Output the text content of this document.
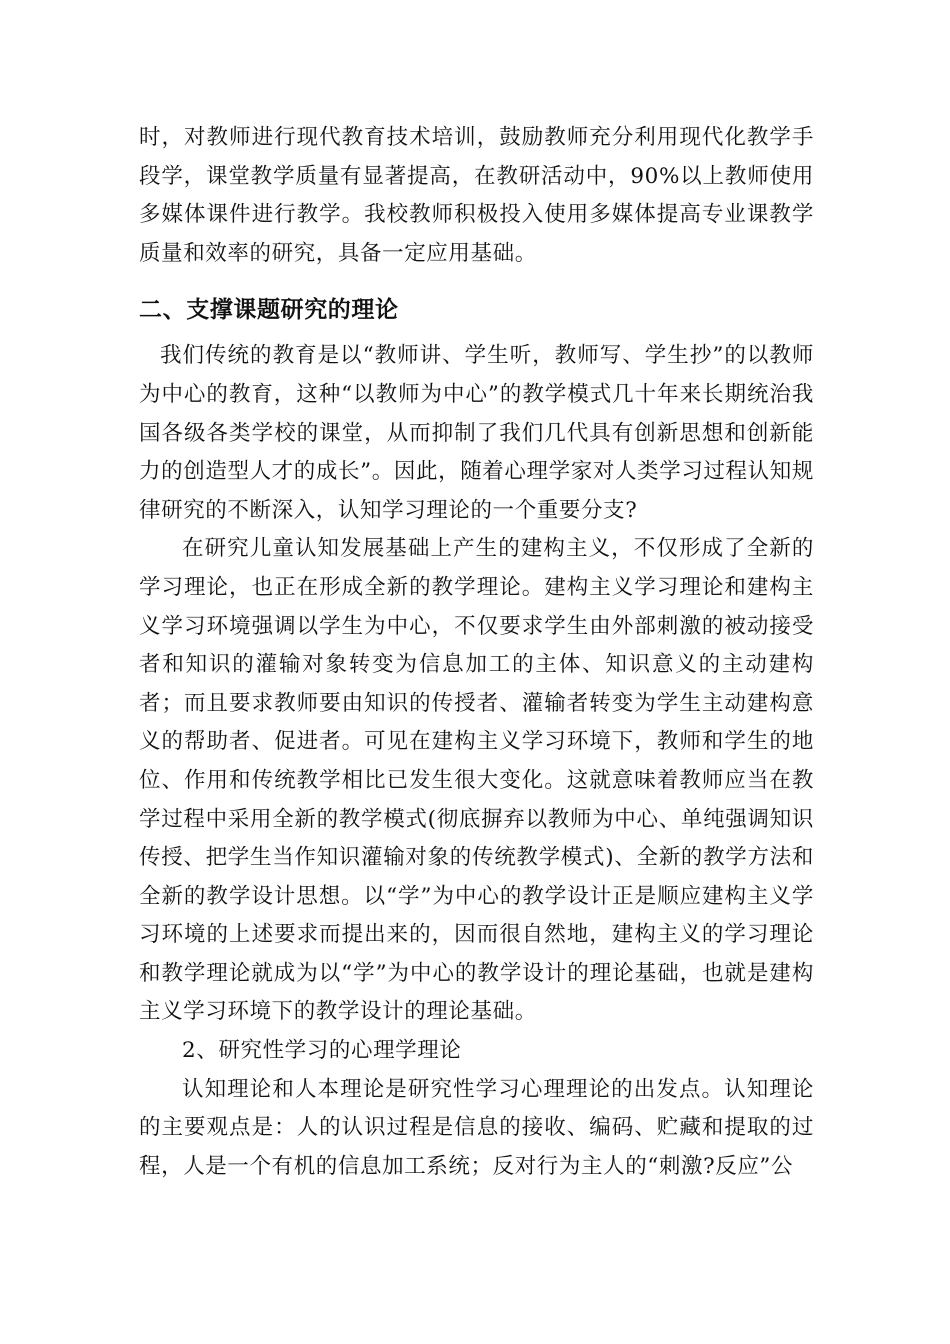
时，对教师进行现代教育技术培训，鼓励教师充分利用现代化教学手段学，课堂教学质量有显著提高，在教研活动中，90%以上教师使用多媒体课件进行教学。我校教师积极投入使用多媒体提高专业课教学质量和效率的研究，具备一定应用基础。

二、支撑课题研究的理论

我们传统的教育是以“教师讲、学生听，教师写、学生抄”的以教师为中心的教育，这种“以教师为中心”的教学模式几十年来长期统治我国各级各类学校的课堂，从而抑制了我们几代具有创新思想和创新能力的创造型人才的成长”。因此，随着心理学家对人类学习过程认知规律研究的不断深入，认知学习理论的一个重要分支?

在研究儿童认知发展基础上产生的建构主义，不仅形成了全新的学习理论，也正在形成全新的教学理论。建构主义学习理论和建构主义学习环境强调以学生为中心，不仅要求学生由外部刺激的被动接受者和知识的灌输对象转变为信息加工的主体、知识意义的主动建构者；而且要求教师要由知识的传授者、灌输者转变为学生主动建构意义的帮助者、促进者。可见在建构主义学习环境下，教师和学生的地位、作用和传统教学相比已发生很大变化。这就意味着教师应当在教学过程中采用全新的教学模式(彻底摒弃以教师为中心、单纯强调知识传授、把学生当作知识灌输对象的传统教学模式)、全新的教学方法和全新的教学设计思想。以“学”为中心的教学设计正是顺应建构主义学习环境的上述要求而提出来的，因而很自然地，建构主义的学习理论和教学理论就成为以“学”为中心的教学设计的理论基础，也就是建构主义学习环境下的教学设计的理论基础。

2、研究性学习的心理学理论

认知理论和人本理论是研究性学习心理理论的出发点。认知理论的主要观点是：人的认识过程是信息的接收、编码、贮藏和提取的过程，人是一个有机的信息加工系统；反对行为主人的“刺激?反应”公
